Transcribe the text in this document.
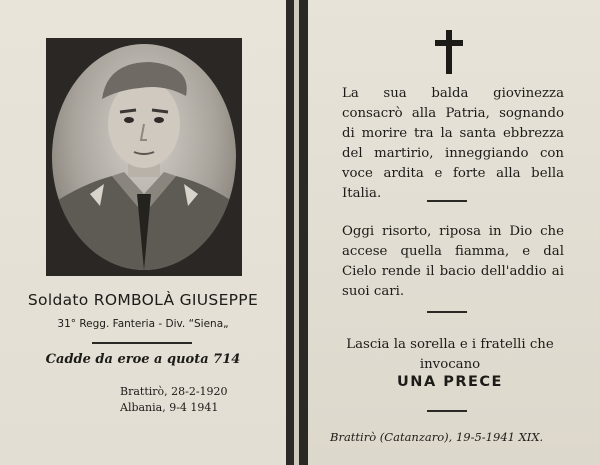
Soldato ROMBOLÀ GIUSEPPE
31° Regg. Fanteria - Div. “Siena„
Cadde da eroe a quota 714
Brattirò, 28-2-1920
Albania, 9-4 1941
La sua balda giovinezza consacrò alla Patria, sognando di morire tra la santa ebbrezza del martirio, inneggiando con voce ardita e forte alla bella Italia.
Oggi risorto, riposa in Dio che accese quella fiamma, e dal Cielo rende il bacio dell'addio ai suoi cari.
Lascia la sorella e i fratelli che invocano
UNA PRECE
Brattirò (Catanzaro), 19-5-1941 XIX.
